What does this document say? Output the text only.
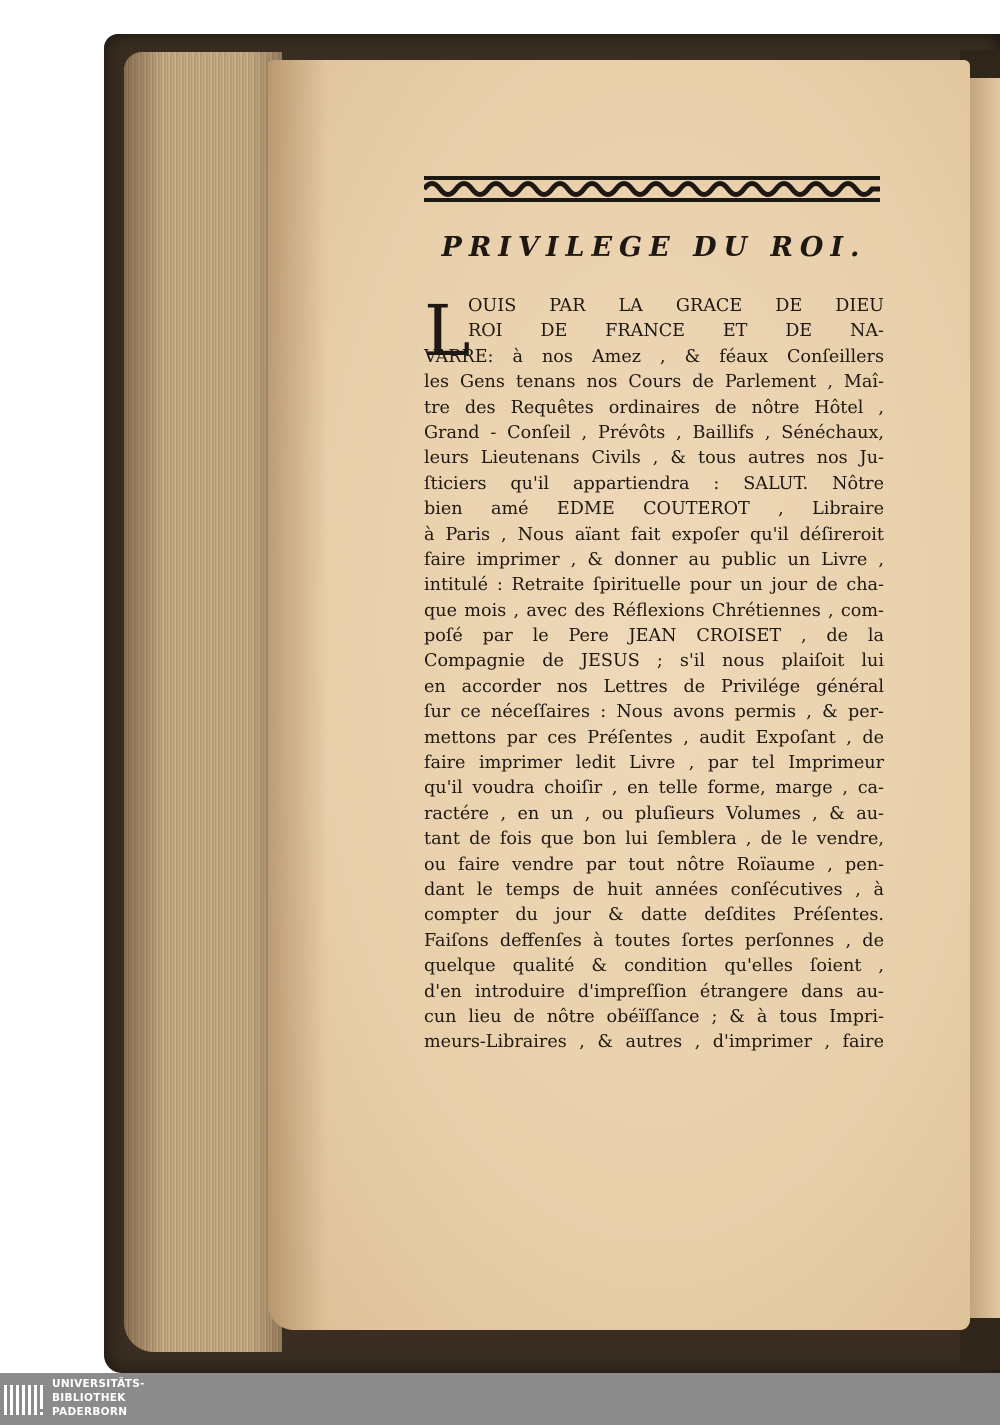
PRIVILEGE DU ROI.
L
OUIS PAR LA GRACE DE DIEU
ROI DE FRANCE ET DE NA-
VARRE: à nos Amez , & féaux Conſeillers
les Gens tenans nos Cours de Parlement , Maî-
tre des Requêtes ordinaires de nôtre Hôtel ,
Grand - Conſeil , Prévôts , Baillifs , Sénéchaux,
leurs Lieutenans Civils , & tous autres nos Ju-
ſticiers qu'il appartiendra : SALUT. Nôtre
bien amé EDME COUTEROT , Libraire
à Paris , Nous aïant fait expoſer qu'il déſireroit
faire imprimer , & donner au public un Livre ,
intitulé : Retraite ſpirituelle pour un jour de cha-
que mois , avec des Réflexions Chrétiennes , com-
poſé par le Pere JEAN CROISET , de la
Compagnie de JESUS ; s'il nous plaiſoit lui
en accorder nos Lettres de Privilége général
ſur ce néceſſaires : Nous avons permis , & per-
mettons par ces Préſentes , audit Expoſant , de
faire imprimer ledit Livre , par tel Imprimeur
qu'il voudra choiſir , en telle forme, marge , ca-
ractére , en un , ou pluſieurs Volumes , & au-
tant de fois que bon lui ſemblera , de le vendre,
ou faire vendre par tout nôtre Roïaume , pen-
dant le temps de huit années conſécutives , à
compter du jour & datte deſdites Préſentes.
Faiſons deffenſes à toutes ſortes perſonnes , de
quelque qualité & condition qu'elles ſoient ,
d'en introduire d'impreſſion étrangere dans au-
cun lieu de nôtre obéïſſance ; & à tous Impri-
meurs-Libraires , & autres , d'imprimer , faire
UNIVERSITÄTS-
BIBLIOTHEK
PADERBORN
